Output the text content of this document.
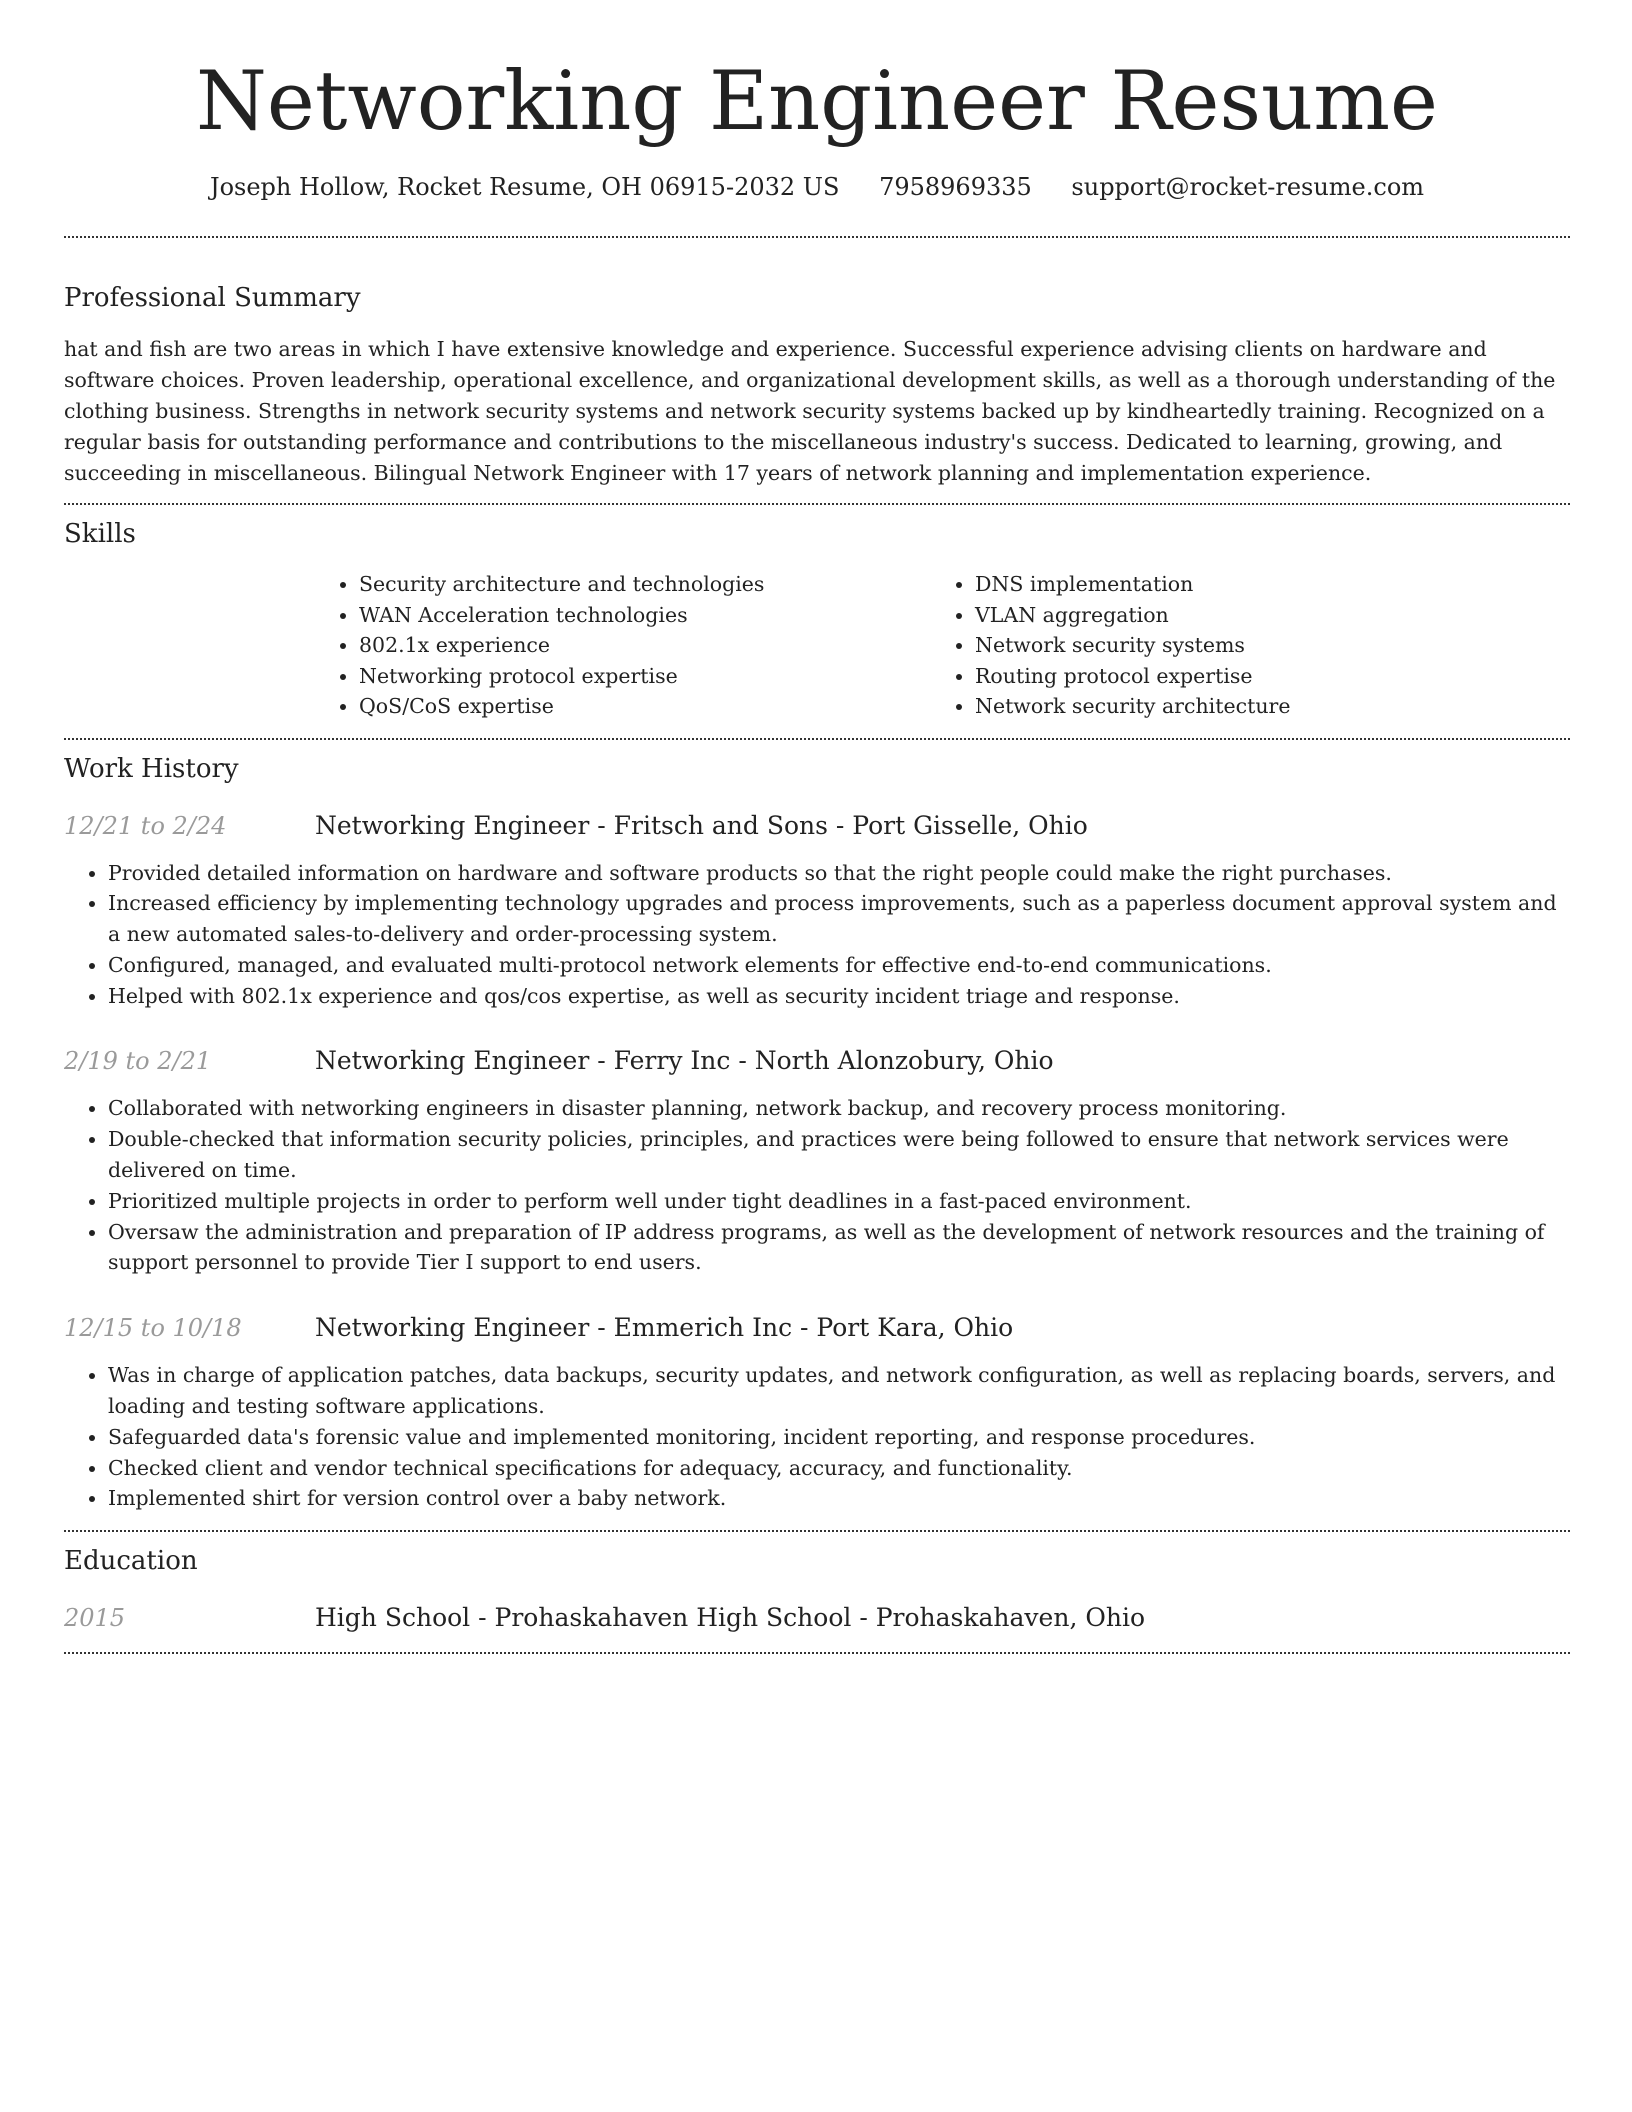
Networking Engineer Resume
Joseph Hollow, Rocket Resume, OH 06915-2032 US 7958969335 support@rocket-resume.com
Professional Summary

hat and fish are two areas in which I have extensive knowledge and experience. Successful experience advising clients on hardware and software choices. Proven leadership, operational excellence, and organizational development skills, as well as a thorough understanding of the clothing business. Strengths in network security systems and network security systems backed up by kindheartedly training. Recognized on a regular basis for outstanding performance and contributions to the miscellaneous industry's success. Dedicated to learning, growing, and succeeding in miscellaneous. Bilingual Network Engineer with 17 years of network planning and implementation experience.

Skills
• Security architecture and technologies
• WAN Acceleration technologies
• 802.1x experience
• Networking protocol expertise
• QoS/CoS expertise
• DNS implementation
• VLAN aggregation
• Network security systems
• Routing protocol expertise
• Network security architecture
Work History
12/21 to 2/24	Networking Engineer - Fritsch and Sons - Port Gisselle, Ohio
• Provided detailed information on hardware and software products so that the right people could make the right purchases.
• Increased efficiency by implementing technology upgrades and process improvements, such as a paperless document approval system and a new automated sales-to-delivery and order-processing system.
• Configured, managed, and evaluated multi-protocol network elements for effective end-to-end communications.
• Helped with 802.1x experience and qos/cos expertise, as well as security incident triage and response.
2/19 to 2/21	Networking Engineer - Ferry Inc - North Alonzobury, Ohio
• Collaborated with networking engineers in disaster planning, network backup, and recovery process monitoring.
• Double-checked that information security policies, principles, and practices were being followed to ensure that network services were delivered on time.
• Prioritized multiple projects in order to perform well under tight deadlines in a fast-paced environment.
• Oversaw the administration and preparation of IP address programs, as well as the development of network resources and the training of support personnel to provide Tier I support to end users.
12/15 to 10/18	Networking Engineer - Emmerich Inc - Port Kara, Ohio
• Was in charge of application patches, data backups, security updates, and network configuration, as well as replacing boards, servers, and loading and testing software applications.
• Safeguarded data's forensic value and implemented monitoring, incident reporting, and response procedures.
• Checked client and vendor technical specifications for adequacy, accuracy, and functionality.
• Implemented shirt for version control over a baby network.
Education
2015	High School - Prohaskahaven High School - Prohaskahaven, Ohio
